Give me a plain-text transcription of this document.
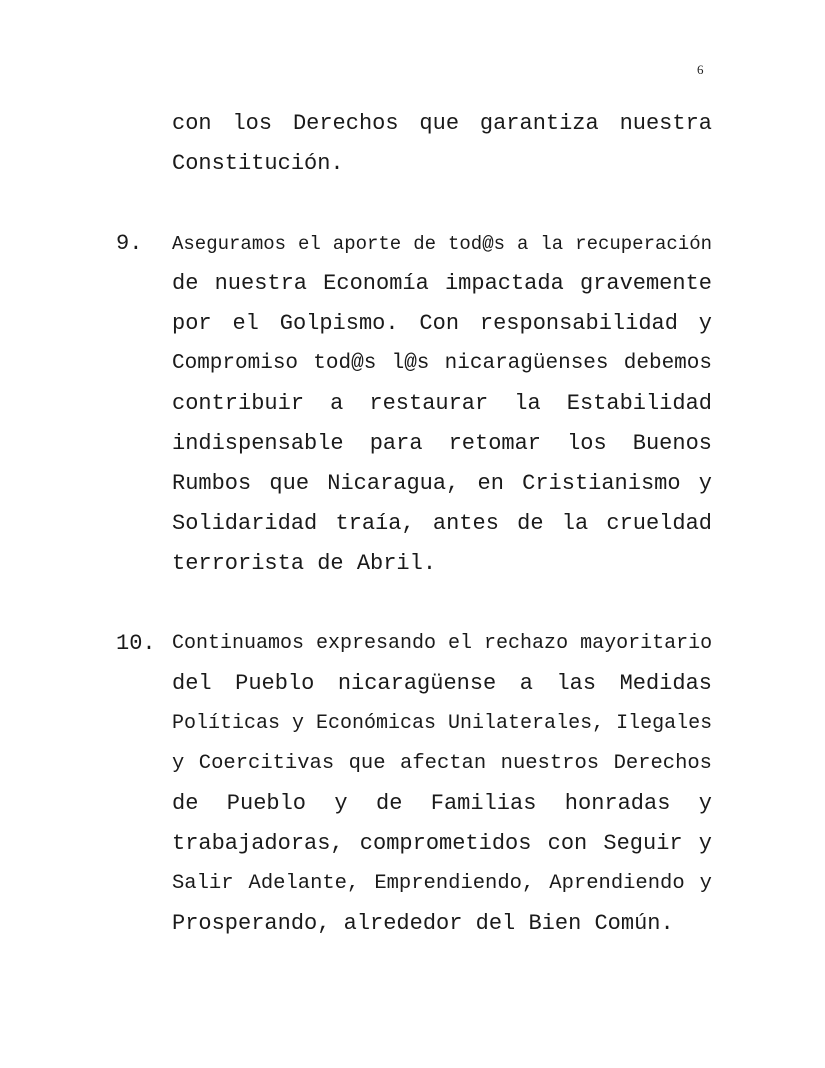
6
con los Derechos que garantiza nuestra
Constitución.
9. Aseguramos el aporte de tod@s a la recuperación
de nuestra Economía impactada gravemente
por el Golpismo. Con responsabilidad y
Compromiso tod@s l@s nicaragüenses debemos
contribuir a restaurar la Estabilidad
indispensable para retomar los Buenos
Rumbos que Nicaragua, en Cristianismo y
Solidaridad traía, antes de la crueldad
terrorista de Abril.
10. Continuamos expresando el rechazo mayoritario
del Pueblo nicaragüense a las Medidas
Políticas y Económicas Unilaterales, Ilegales
y Coercitivas que afectan nuestros Derechos
de Pueblo y de Familias honradas y
trabajadoras, comprometidos con Seguir y
Salir Adelante, Emprendiendo, Aprendiendo y
Prosperando, alrededor del Bien Común.
